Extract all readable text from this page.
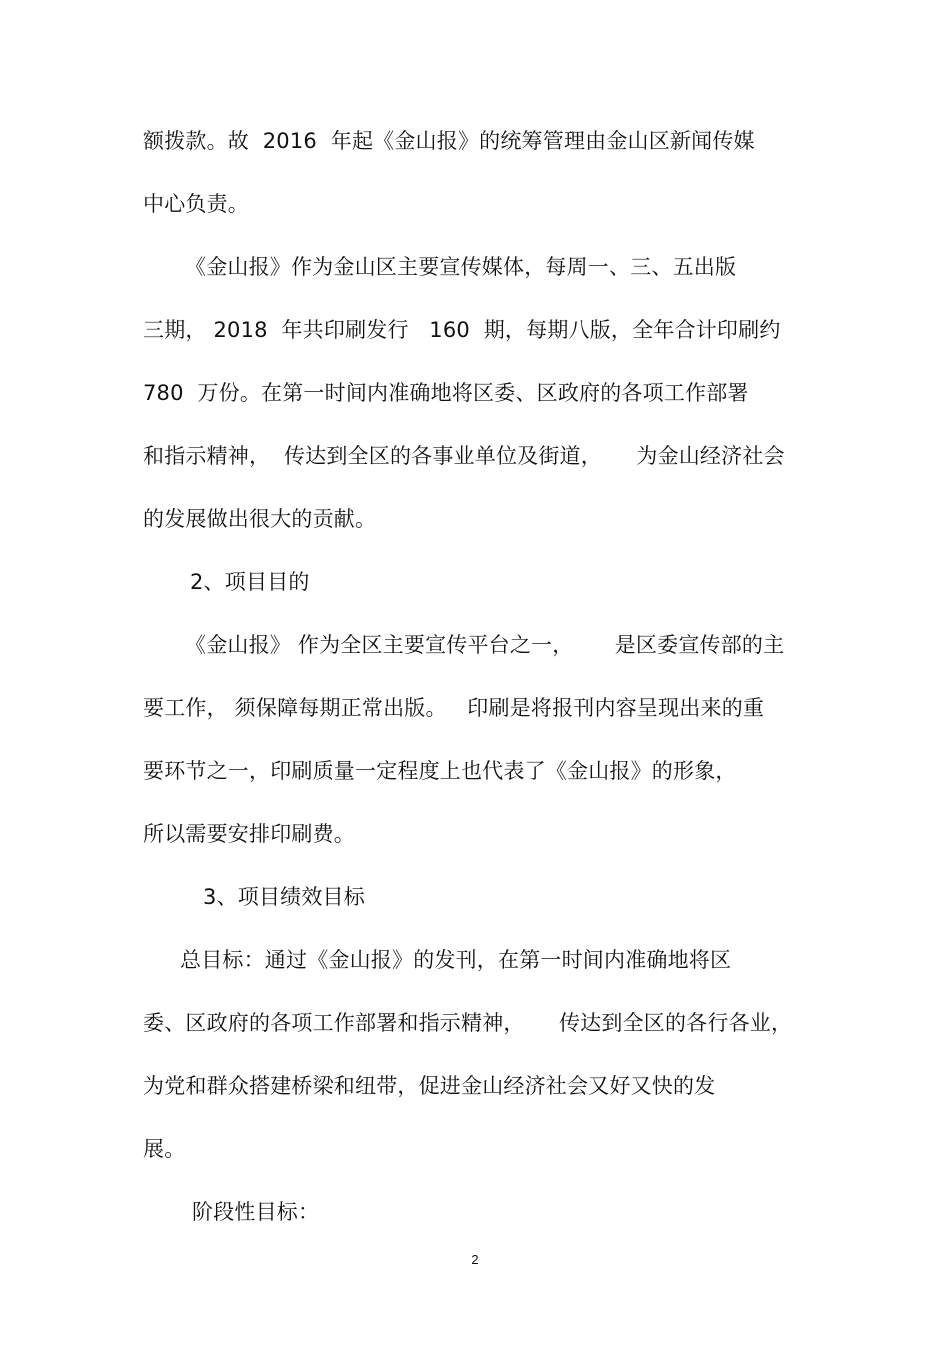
额拨款。故  2016  年起《金山报》的统筹管理由金山区新闻传媒
中心负责。
《金山报》作为金山区主要宣传媒体，每周一、三、五出版
三期， 2018  年共印刷发行   160  期，每期八版，全年合计印刷约
780  万份。在第一时间内准确地将区委、区政府的各项工作部署
和指示精神，  传达到全区的各事业单位及街道，     为金山经济社会
的发展做出很大的贡献。
2、项目目的
《金山报》 作为全区主要宣传平台之一，      是区委宣传部的主
要工作， 须保障每期正常出版。   印刷是将报刊内容呈现出来的重
要环节之一，印刷质量一定程度上也代表了《金山报》的形象，
所以需要安排印刷费。
3、项目绩效目标
总目标：通过《金山报》的发刊，在第一时间内准确地将区
委、区政府的各项工作部署和指示精神，     传达到全区的各行各业，
为党和群众搭建桥梁和纽带，促进金山经济社会又好又快的发
展。
阶段性目标：
2
